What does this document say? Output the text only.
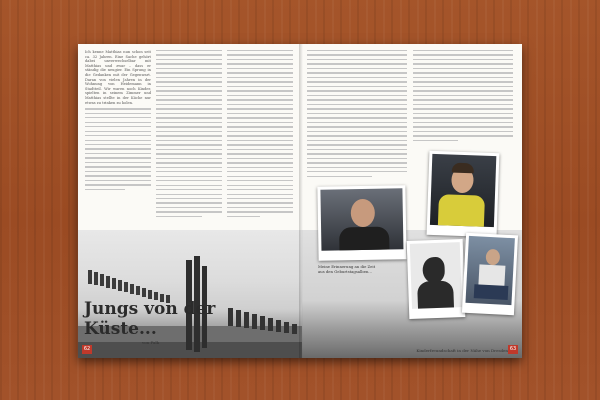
Ich kenne Matthias nun schon seit ca. 32 Jahren. Eine Sache gehört dabei unverwechselbar mit Matthias und zwar – dass er ständig die neugier. Ein Sprung in die Gedanken mit der Gegenwart. Daran von vielen Jahren in der Wohnung von Heidemann in Stadtteil. Wir waren noch Kinder, spielten in seinem Zimmer und Matthias stellte in der Küche nur etwas zu trinken zu holen.

Jungs von der
Küste...
von Falk
Meine Erinnerung an die Zeit aus den Geburtstagsalben...
62	63
Kinderfreundschaft in der Nähe von Dresden
